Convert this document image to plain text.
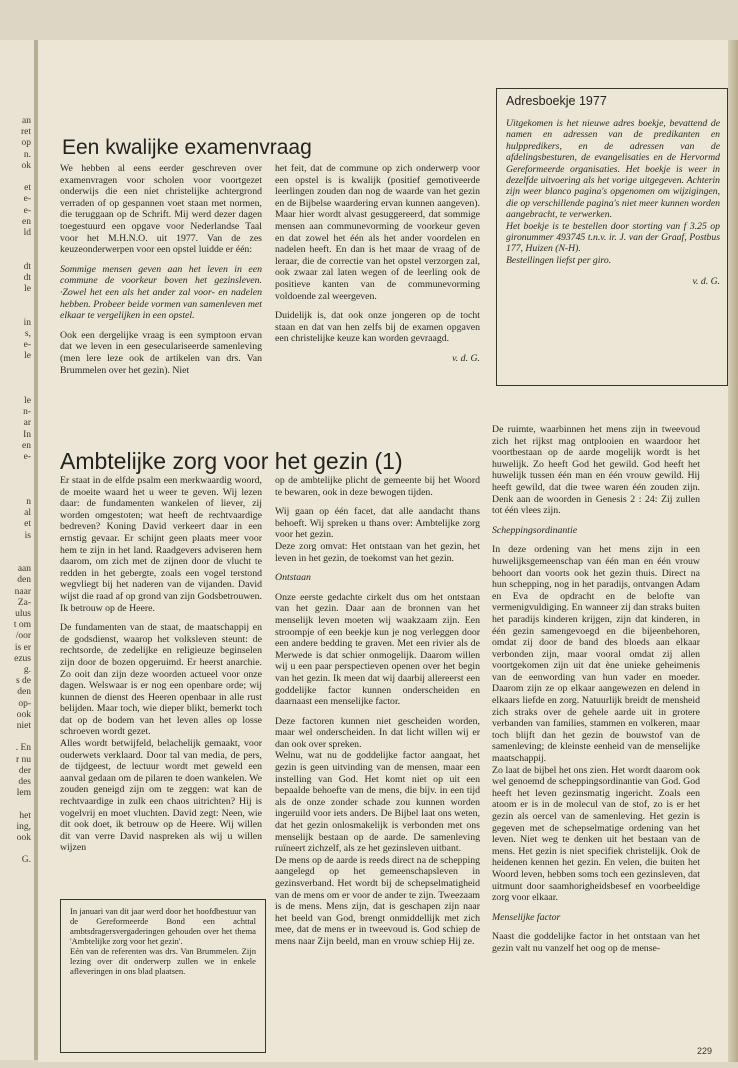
an
ret
op
n.
ok

et
e-
e-
en
ld

dt
dt
le

in
s,
e-
le

le
n-
ar
In
en
e-

n
al
et
is

aan
den
naar
Za-
ulus
t om
/oor
is er
ezus
g.
s de
den
op-
ook
niet

. En
r nu
der
des
lem

het
ing,
ook

G.
Adresboekje 1977

Uitgekomen is het nieuwe adres boekje, bevattend de namen en adressen van de predikanten en hulppredikers, en de adressen van de afdelingsbesturen, de evangelisaties en de Hervormd Gereformeerde organisaties. Het boekje is weer in dezelfde uitvoering als het vorige uitgegeven. Achterin zijn weer blanco pagina's opgenomen om wijzigingen, die op verschillende pagina's niet meer kunnen worden aangebracht, te verwerken.

Het boekje is te bestellen door storting van f 3.25 op gironummer 493745 t.n.v. ir. J. van der Graaf, Postbus 177, Huizen (N-H).

Bestellingen liefst per giro.

v. d. G.

Een kwalijke examenvraag

We hebben al eens eerder geschreven over examenvragen voor scholen voor voortgezet onderwijs die een niet christelijke achtergrond verraden of op gespannen voet staan met normen, die teruggaan op de Schrift. Mij werd dezer dagen toegestuurd een opgave voor Nederlandse Taal voor het M.H.N.O. uit 1977. Van de zes keuzeonderwerpen voor een opstel luidde er één:

Sommige mensen geven aan het leven in een commune de voorkeur boven het gezinsleven. ·Zowel het een als het ander zal voor- en nadelen hebben. Probeer beide vormen van samenleven met elkaar te vergelijken in een opstel.

Ook een dergelijke vraag is een symptoon ervan dat we leven in een geseculariseerde samenleving (men lere leze ook de artikelen van drs. Van Brummelen over het gezin). Niet

het feit, dat de commune op zich onderwerp voor een opstel is is kwalijk (positief gemotiveerde leerlingen zouden dan nog de waarde van het gezin en de Bijbelse waardering ervan kunnen aangeven). Maar hier wordt alvast gesuggereerd, dat sommige mensen aan communevorming de voorkeur geven en dat zowel het één als het ander voordelen en nadelen heeft. En dan is het maar de vraag of de leraar, die de correctie van het opstel verzorgen zal, ook zwaar zal laten wegen of de leerling ook de positieve kanten van de communevorming voldoende zal weergeven.

Duidelijk is, dat ook onze jongeren op de tocht staan en dat van hen zelfs bij de examen opgaven een christelijke keuze kan worden gevraagd.

v. d. G.

Ambtelijke zorg voor het gezin (1)

Er staat in de elfde psalm een merkwaardig woord, de moeite waard het u weer te geven. Wij lezen daar: de fundamenten wankelen of liever, zij worden omgestoten; wat heeft de rechtvaardige bedreven? Koning David verkeert daar in een ernstig gevaar. Er schijnt geen plaats meer voor hem te zijn in het land. Raadgevers adviseren hem daarom, om zich met de zijnen door de vlucht te redden in het gebergte, zoals een vogel terstond wegvliegt bij het naderen van de vijanden. David wijst die raad af op grond van zijn Godsbetrouwen. Ik betrouw op de Heere.

De fundamenten van de staat, de maatschappij en de godsdienst, waarop het volksleven steunt: de rechtsorde, de zedelijke en religieuze beginselen zijn door de bozen opgeruimd. Er heerst anarchie. Zo ooit dan zijn deze woorden actueel voor onze dagen. Welswaar is er nog een openbare orde; wij kunnen de dienst des Heeren openbaar in alle rust belijden. Maar toch, wie dieper blikt, bemerkt toch dat op de bodem van het leven alles op losse schroeven wordt gezet.

Alles wordt betwijfeld, belachelijk gemaakt, voor ouderwets verklaard. Door tal van media, de pers, de tijdgeest, de lectuur wordt met geweld een aanval gedaan om de pilaren te doen wankelen. We zouden geneigd zijn om te zeggen: wat kan de rechtvaardige in zulk een chaos uitrichten? Hij is vogelvrij en moet vluchten. David zegt: Neen, wie dit ook doet, ik betrouw op de Heere. Wij willen dit van verre David naspreken als wij u willen wijzen

In januari van dit jaar werd door het hoofdbestuur van de Gereformeerde Bond een achttal ambtsdragersvergaderingen gehouden over het thema 'Ambtelijke zorg voor het gezin'.

Eén van de referenten was drs. Van Brummelen. Zijn lezing over dit onderwerp zullen we in enkele afleveringen in ons blad plaatsen.

op de ambtelijke plicht de gemeente bij het Woord te bewaren, ook in deze bewogen tijden.

Wij gaan op één facet, dat alle aandacht thans behoeft. Wij spreken u thans over: Ambtelijke zorg voor het gezin.

Deze zorg omvat: Het ontstaan van het gezin, het leven in het gezin, de toekomst van het gezin.

Ontstaan

Onze eerste gedachte cirkelt dus om het ontstaan van het gezin. Daar aan de bronnen van het menselijk leven moeten wij waakzaam zijn. Een stroompje of een beekje kun je nog verleggen door een andere bedding te graven. Met een rivier als de Merwede is dat schier onmogelijk. Daarom willen wij u een paar perspectieven openen over het begin van het gezin. Ik meen dat wij daarbij allereerst een goddelijke factor kunnen onderscheiden en daarnaast een menselijke factor.

Deze factoren kunnen niet gescheiden worden, maar wel onderscheiden. In dat licht willen wij er dan ook over spreken.

Welnu, wat nu de goddelijke factor aangaat, het gezin is geen uitvinding van de mensen, maar een instelling van God. Het komt niet op uit een bepaalde behoefte van de mens, die bijv. in een tijd als de onze zonder schade zou kunnen worden ingeruild voor iets anders. De Bijbel laat ons weten, dat het gezin onlosmakelijk is verbonden met ons menselijk bestaan op de aarde. De samenleving ruïneert zichzelf, als ze het gezinsleven uitbant.

De mens op de aarde is reeds direct na de schepping aangelegd op het gemeenschapsleven in gezinsverband. Het wordt bij de schepselmatigheid van de mens om er voor de ander te zijn. Tweezaam is de mens. Mens zijn, dat is geschapen zijn naar het beeld van God, brengt onmiddellijk met zich mee, dat de mens er in tweevoud is. God schiep de mens naar Zijn beeld, man en vrouw schiep Hij ze.

De ruimte, waarbinnen het mens zijn in tweevoud zich het rijkst mag ontplooien en waardoor het voortbestaan op de aarde mogelijk wordt is het huwelijk. Zo heeft God het gewild. God heeft het huwelijk tussen één man en één vrouw gewild. Hij heeft gewild, dat die twee waren één zouden zijn. Denk aan de woorden in Genesis 2 : 24: Zij zullen tot één vlees zijn.

Scheppingsordinantie

In deze ordening van het mens zijn in een huwelijksgemeenschap van één man en één vrouw behoort dan voorts ook het gezin thuis. Direct na hun schepping, nog in het paradijs, ontvangen Adam en Eva de opdracht en de belofte van vermenigvuldiging. En wanneer zij dan straks buiten het paradijs kinderen krijgen, zijn dat kinderen, in één gezin samengevoegd en die bijeenbehoren, omdat zij door de band des bloeds aan elkaar verbonden zijn, maar vooral omdat zij allen voortgekomen zijn uit dat ène unieke geheimenis van de eenwording van hun vader en moeder. Daarom zijn ze op elkaar aangewezen en delend in elkaars liefde en zorg. Natuurlijk breidt de mensheid zich straks over de gehele aarde uit in grotere verbanden van families, stammen en volkeren, maar toch blijft dan het gezin de bouwstof van de samenleving; de kleinste eenheid van de menselijke maatschappij.

Zo laat de bijbel het ons zien. Het wordt daarom ook wel genoemd de scheppingsordinantie van God. God heeft het leven gezinsmatig ingericht. Zoals een atoom er is in de molecul van de stof, zo is er het gezin als oercel van de samenleving. Het gezin is gegeven met de schepselmatige ordening van het leven. Niet weg te denken uit het bestaan van de mens. Het gezin is niet specifiek christelijk. Ook de heidenen kennen het gezin. En velen, die buiten het Woord leven, hebben soms toch een gezinsleven, dat uitmunt door saamhorigheidsbesef en voorbeeldige zorg voor elkaar.

Menselijke factor

Naast die goddelijke factor in het ontstaan van het gezin valt nu vanzelf het oog op de mense-

229
